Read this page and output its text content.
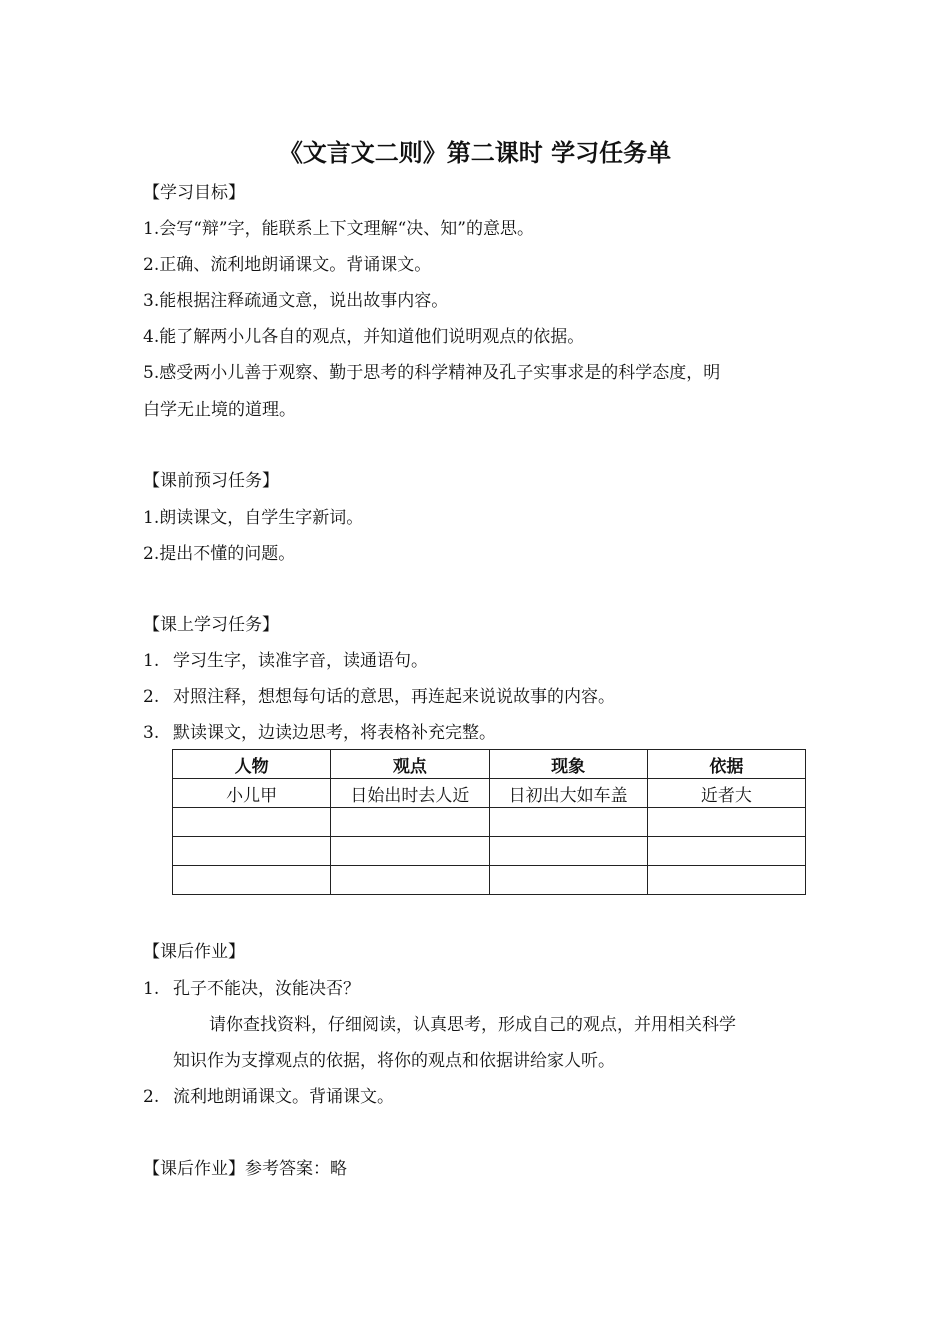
《文言文二则》第二课时 学习任务单
【学习目标】
1.会写“辩”字，能联系上下文理解“决、知”的意思。
2.正确、流利地朗诵课文。背诵课文。
3.能根据注释疏通文意，说出故事内容。
4.能了解两小儿各自的观点，并知道他们说明观点的依据。
5.感受两小儿善于观察、勤于思考的科学精神及孔子实事求是的科学态度，明
白学无止境的道理。
【课前预习任务】
1.朗读课文，自学生字新词。
2.提出不懂的问题。
【课上学习任务】
1. 学习生字，读准字音，读通语句。
2. 对照注释，想想每句话的意思，再连起来说说故事的内容。
3. 默读课文，边读边思考，将表格补充完整。
人物	观点	现象	依据
小儿甲	日始出时去人近	日初出大如车盖	近者大

【课后作业】
1. 孔子不能决，汝能决否？
请你查找资料，仔细阅读，认真思考，形成自己的观点，并用相关科学
知识作为支撑观点的依据，将你的观点和依据讲给家人听。
2. 流利地朗诵课文。背诵课文。
【课后作业】参考答案：略
